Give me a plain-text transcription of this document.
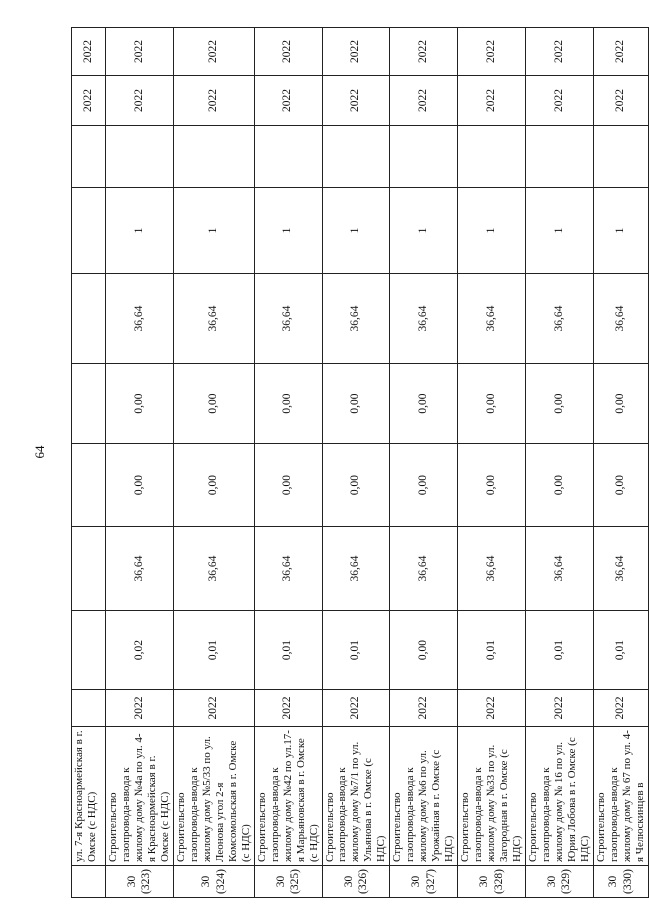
64

	ул. 7-я Красноармейская в г. Омске (с НДС)									2022	2022
30 (323)	Строительство газопровода-ввода к жилому дому №4а по ул. 4-я Красноармейская в г. Омске (с НДС)	2022	0,02	36,64	0,00	0,00	36,64	1		2022	2022
30 (324)	Строительство газопровода-ввода к жилому дому №5/33 по ул. Леонова угол 2-я Комсомольская в г. Омске (с НДС)	2022	0,01	36,64	0,00	0,00	36,64	1		2022	2022
30 (325)	Строительство газопровода-ввода к жилому дому №42 по ул.17-я Марьяновская в г. Омске (с НДС)	2022	0,01	36,64	0,00	0,00	36,64	1		2022	2022
30 (326)	Строительство газопровода-ввода к жилому дому №7/1 по ул. Ульянова в г. Омске (с НДС)	2022	0,01	36,64	0,00	0,00	36,64	1		2022	2022
30 (327)	Строительство газопровода-ввода к жилому дому №6 по ул. Урожайная в г. Омске (с НДС)	2022	0,00	36,64	0,00	0,00	36,64	1		2022	2022
30 (328)	Строительство газопровода-ввода к жилому дому №33 по ул. Загородная в г. Омске (с НДС)	2022	0,01	36,64	0,00	0,00	36,64	1		2022	2022
30 (329)	Строительство газопровода-ввода к жилому дому № 16 по ул. Юрия Лобова в г. Омске (с НДС)	2022	0,01	36,64	0,00	0,00	36,64	1		2022	2022
30 (330)	Строительство газопровода-ввода к жилому дому № 67 по ул. 4-я Челюскинцев в	2022	0,01	36,64	0,00	0,00	36,64	1		2022	2022
